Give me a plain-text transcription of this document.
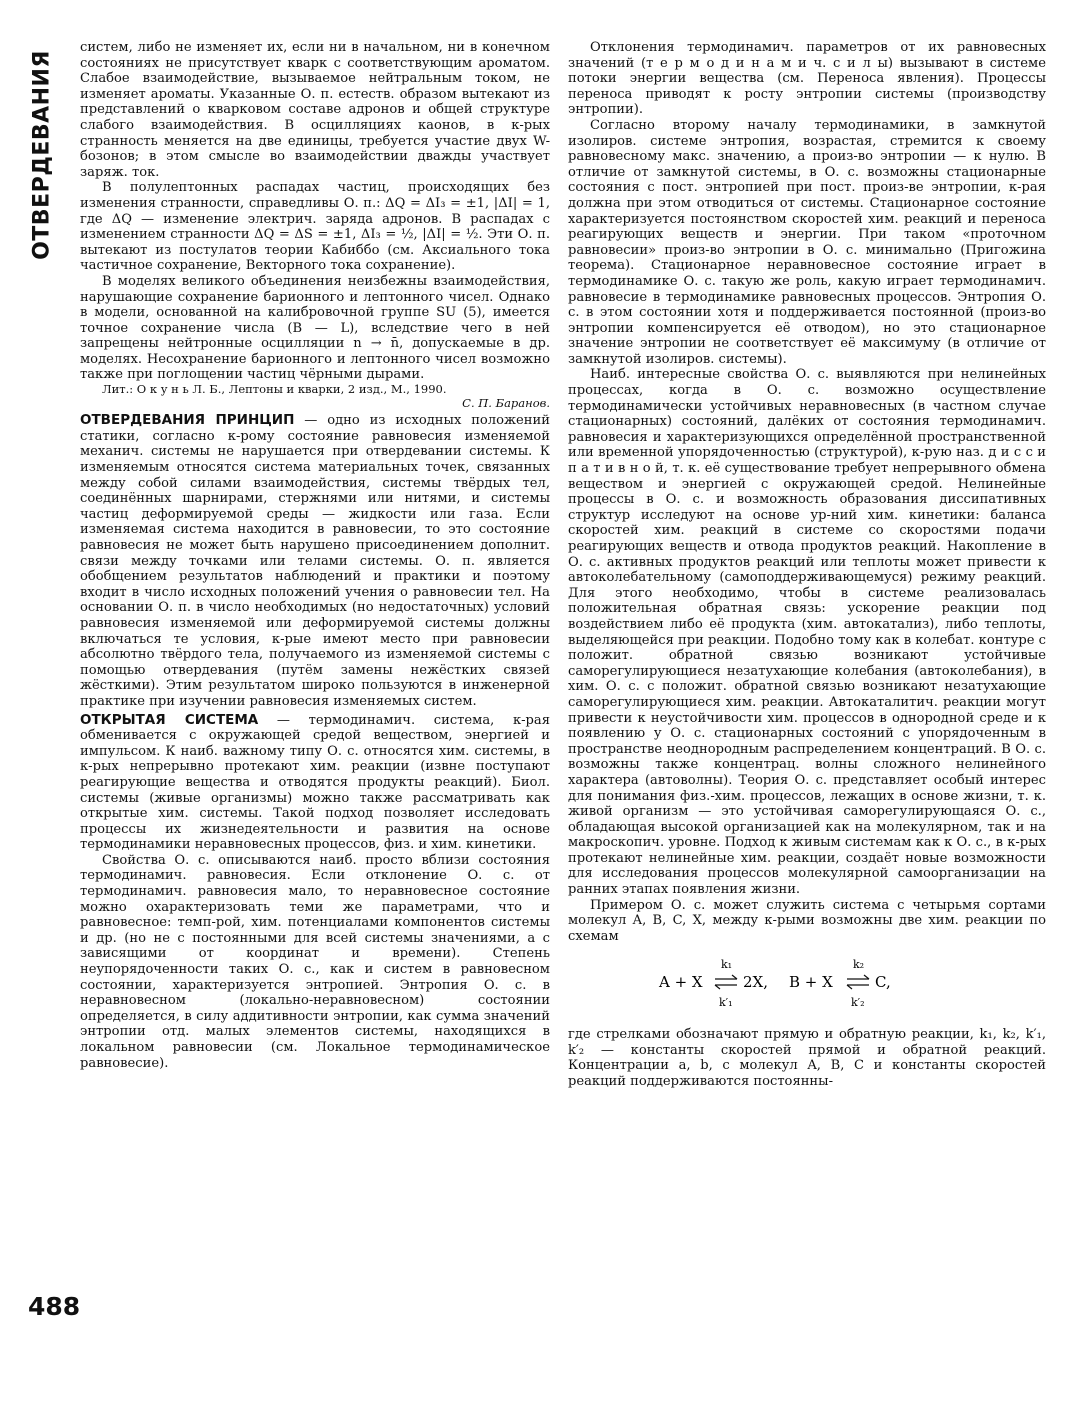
ОТВЕРДЕВАНИЯ

систем, либо не изменяет их, если ни в начальном, ни в конечном состояниях не присутствует кварк с соответствующим ароматом. Слабое взаимодействие, вызываемое нейтральным током, не изменяет ароматы. Указанные О. п. естеств. образом вытекают из представлений о кварковом составе адронов и общей структуре слабого взаимодействия. В осцилляциях каонов, в к-рых странность меняется на две единицы, требуется участие двух W-бозонов; в этом смысле во взаимодействии дважды участвует заряж. ток.

В полулептонных распадах частиц, происходящих без изменения странности, справедливы О. п.: ΔQ = ΔI₃ = ±1, |ΔI| = 1, где ΔQ — изменение электрич. заряда адронов. В распадах с изменением странности ΔQ = ΔS = ±1, ΔI₃ = ½, |ΔI| = ½. Эти О. п. вытекают из постулатов теории Кабиббо (см. Аксиального тока частичное сохранение, Векторного тока сохранение).

В моделях великого объединения неизбежны взаимодействия, нарушающие сохранение барионного и лептонного чисел. Однако в модели, основанной на калибровочной группе SU (5), имеется точное сохранение числа (B — L), вследствие чего в ней запрещены нейтронные осцилляции n → n̄, допускаемые в др. моделях. Несохранение барионного и лептонного чисел возможно также при поглощении частиц чёрными дырами.

Лит.: О к у н ь Л. Б., Лептоны и кварки, 2 изд., М., 1990.

С. П. Баранов.

ОТВЕРДЕВАНИЯ ПРИНЦИП — одно из исходных положений статики, согласно к-рому состояние равновесия изменяемой механич. системы не нарушается при отвердевании системы. К изменяемым относятся система материальных точек, связанных между собой силами взаимодействия, системы твёрдых тел, соединённых шарнирами, стержнями или нитями, и системы частиц деформируемой среды — жидкости или газа. Если изменяемая система находится в равновесии, то это состояние равновесия не может быть нарушено присоединением дополнит. связи между точками или телами системы. О. п. является обобщением результатов наблюдений и практики и поэтому входит в число исходных положений учения о равновесии тел. На основании О. п. в число необходимых (но недостаточных) условий равновесия изменяемой или деформируемой системы должны включаться те условия, к-рые имеют место при равновесии абсолютно твёрдого тела, получаемого из изменяемой системы с помощью отвердевания (путём замены нежёстких связей жёсткими). Этим результатом широко пользуются в инженерной практике при изучении равновесия изменяемых систем.

ОТКРЫТАЯ СИСТЕМА — термодинамич. система, к-рая обменивается с окружающей средой веществом, энергией и импульсом. К наиб. важному типу О. с. относятся хим. системы, в к-рых непрерывно протекают хим. реакции (извне поступают реагирующие вещества и отводятся продукты реакций). Биол. системы (живые организмы) можно также рассматривать как открытые хим. системы. Такой подход позволяет исследовать процессы их жизнедеятельности и развития на основе термодинамики неравновесных процессов, физ. и хим. кинетики.

Свойства О. с. описываются наиб. просто вблизи состояния термодинамич. равновесия. Если отклонение О. с. от термодинамич. равновесия мало, то неравновесное состояние можно охарактеризовать теми же параметрами, что и равновесное: темп-рой, хим. потенциалами компонентов системы и др. (но не с постоянными для всей системы значениями, а с зависящими от координат и времени). Степень неупорядоченности таких О. с., как и систем в равновесном состоянии, характеризуется энтропией. Энтропия О. с. в неравновесном (локально-неравновесном) состоянии определяется, в силу аддитивности энтропии, как сумма значений энтропии отд. малых элементов системы, находящихся в локальном равновесии (см. Локальное термодинамическое равновесие).

Отклонения термодинамич. параметров от их равновесных значений (т е р м о д и н а м и ч. с и л ы) вызывают в системе потоки энергии вещества (см. Переноса явления). Процессы переноса приводят к росту энтропии системы (производству энтропии).

Согласно второму началу термодинамики, в замкнутой изолиров. системе энтропия, возрастая, стремится к своему равновесному макс. значению, а произ-во энтропии — к нулю. В отличие от замкнутой системы, в О. с. возможны стационарные состояния с пост. энтропией при пост. произ-ве энтропии, к-рая должна при этом отводиться от системы. Стационарное состояние характеризуется постоянством скоростей хим. реакций и переноса реагирующих веществ и энергии. При таком «проточном равновесии» произ-во энтропии в О. с. минимально (Пригожина теорема). Стационарное неравновесное состояние играет в термодинамике О. с. такую же роль, какую играет термодинамич. равновесие в термодинамике равновесных процессов. Энтропия О. с. в этом состоянии хотя и поддерживается постоянной (произ-во энтропии компенсируется её отводом), но это стационарное значение энтропии не соответствует её максимуму (в отличие от замкнутой изолиров. системы).

Наиб. интересные свойства О. с. выявляются при нелинейных процессах, когда в О. с. возможно осуществление термодинамически устойчивых неравновесных (в частном случае стационарных) состояний, далёких от состояния термодинамич. равновесия и характеризующихся определённой пространственной или временной упорядоченностью (структурой), к-рую наз. д и с с и п а т и в н о й, т. к. её существование требует непрерывного обмена веществом и энергией с окружающей средой. Нелинейные процессы в О. с. и возможность образования диссипативных структур исследуют на основе ур-ний хим. кинетики: баланса скоростей хим. реакций в системе со скоростями подачи реагирующих веществ и отвода продуктов реакций. Накопление в О. с. активных продуктов реакций или теплоты может привести к автоколебательному (самоподдерживающемуся) режиму реакций. Для этого необходимо, чтобы в системе реализовалась положительная обратная связь: ускорение реакции под воздействием либо её продукта (хим. автокатализ), либо теплоты, выделяющейся при реакции. Подобно тому как в колебат. контуре с положит. обратной связью возникают устойчивые саморегулирующиеся незатухающие колебания (автоколебания), в хим. О. с. с положит. обратной связью возникают незатухающие саморегулирующиеся хим. реакции. Автокаталитич. реакции могут привести к неустойчивости хим. процессов в однородной среде и к появлению у О. с. стационарных состояний с упорядоченным в пространстве неоднородным распределением концентраций. В О. с. возможны также концентрац. волны сложного нелинейного характера (автоволны). Теория О. с. представляет особый интерес для понимания физ.-хим. процессов, лежащих в основе жизни, т. к. живой организм — это устойчивая саморегулирующаяся О. с., обладающая высокой организацией как на молекулярном, так и на макроскопич. уровне. Подход к живым системам как к О. с., в к-рых протекают нелинейные хим. реакции, создаёт новые возможности для исследования процессов молекулярной самоорганизации на ранних этапах появления жизни.

Примером О. с. может служить система с четырьмя сортами молекул A, B, C, X, между к-рыми возможны две хим. реакции по схемам

A + X
k₁
k′₁
2X, B + X
k₂
k′₂
C,

где стрелками обозначают прямую и обратную реакции, k₁, k₂, k′₁, k′₂ — константы скоростей прямой и обратной реакций. Концентрации a, b, c молекул A, B, C и константы скоростей реакций поддерживаются постоянны-

488
